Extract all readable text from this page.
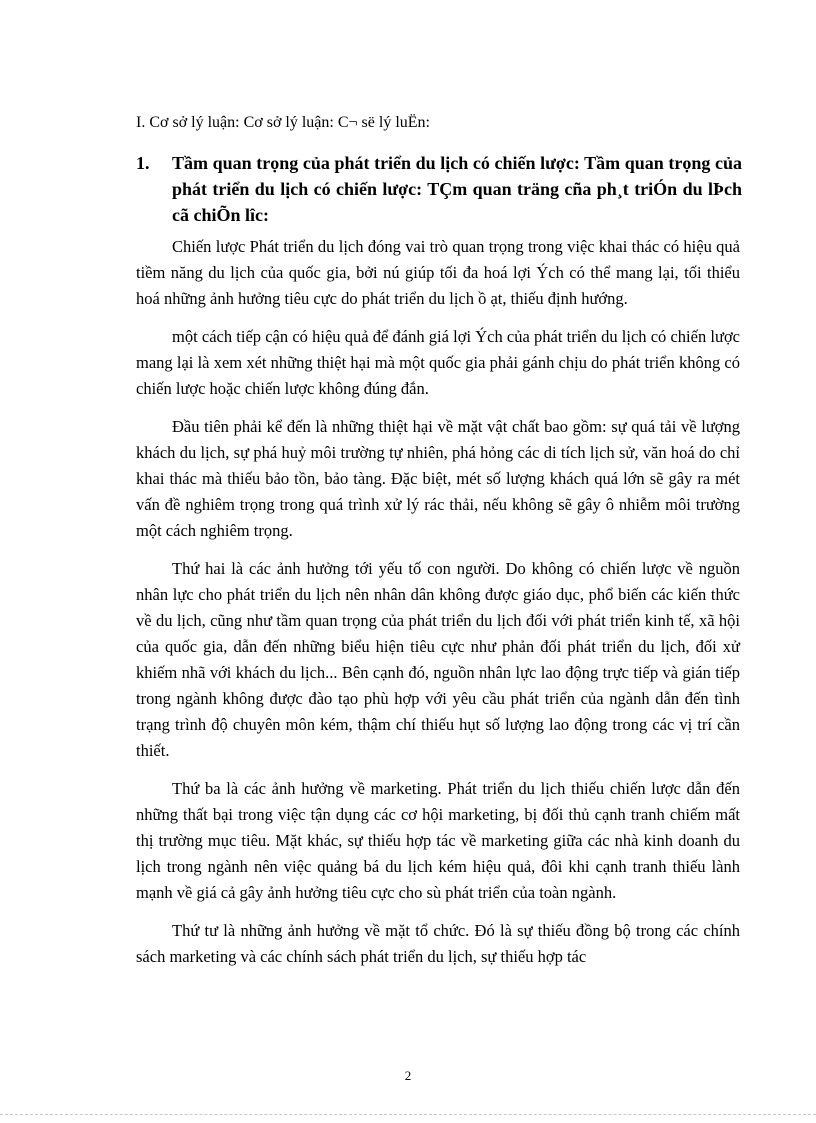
I. Cơ sở lý luận: Cơ sở lý luận: C¬ së lý luËn:
1.	Tầm quan trọng của phát triển du lịch có chiến lược: Tầm quan trọng của phát triển du lịch có chiến lược: TÇm quan träng cña ph¸t triÓn du lÞch cã chiÕn lîc:

Chiến lược Phát triển du lịch đóng vai trò quan trọng trong việc khai thác có hiệu quả tiềm năng du lịch của quốc gia, bởi nú giúp tối đa hoá lợi Ých có thể mang lại, tối thiểu hoá những ảnh hưởng tiêu cực do phát triển du lịch ồ ạt, thiếu định hướng.

một cách tiếp cận có hiệu quả để đánh giá lợi Ých của phát triển du lịch có chiến lược mang lại là xem xét những thiệt hại mà một quốc gia phải gánh chịu do phát triển không có chiến lược hoặc chiến lược không đúng đắn.

Đầu tiên phải kể đến là những thiệt hại về mặt vật chất bao gồm: sự quá tải về lượng khách du lịch, sự phá huỷ môi trường tự nhiên, phá hỏng các di tích lịch sử, văn hoá do chỉ khai thác mà thiếu bảo tồn, bảo tàng. Đặc biệt, mét số lượng khách quá lớn sẽ gây ra mét vấn đề nghiêm trọng trong quá trình xử lý rác thải, nếu không sẽ gây ô nhiễm môi trường một cách nghiêm trọng.

Thứ hai là các ảnh hưởng tới yếu tố con người. Do không có chiến lược về nguồn nhân lực cho phát triển du lịch nên nhân dân không được giáo dục, phổ biến các kiến thức về du lịch, cũng như tầm quan trọng của phát triển du lịch đối với phát triển kinh tế, xã hội của quốc gia, dẫn đến những biểu hiện tiêu cực như phản đối phát triển du lịch, đối xử khiếm nhã với khách du lịch... Bên cạnh đó, nguồn nhân lực lao động trực tiếp và gián tiếp trong ngành không được đào tạo phù hợp với yêu cầu phát triển của ngành dẫn đến tình trạng trình độ chuyên môn kém, thậm chí thiếu hụt số lượng lao động trong các vị trí cần thiết.

Thứ ba là các ảnh hưởng về marketing. Phát triển du lịch thiếu chiến lược dẫn đến những thất bại trong việc tận dụng các cơ hội marketing, bị đối thủ cạnh tranh chiếm mất thị trường mục tiêu. Mặt khác, sự thiếu hợp tác về marketing giữa các nhà kinh doanh du lịch trong ngành nên việc quảng bá du lịch kém hiệu quả, đôi khi cạnh tranh thiếu lành mạnh về giá cả gây ảnh hưởng tiêu cực cho sù phát triển của toàn ngành.

Thứ tư là những ảnh hưởng về mặt tổ chức. Đó là sự thiếu đồng bộ trong các chính sách marketing và các chính sách phát triển du lịch, sự thiếu hợp tác

2
